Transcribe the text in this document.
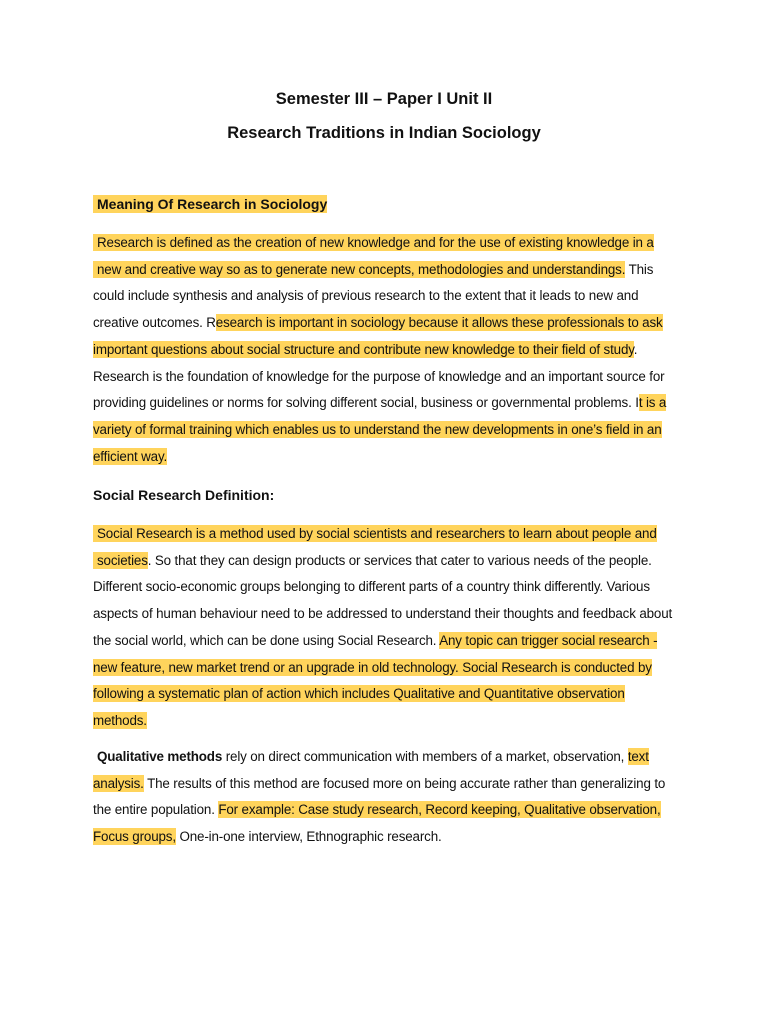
Semester III – Paper I Unit II
Research Traditions in Indian Sociology
Meaning Of Research in Sociology

Research is defined as the creation of new knowledge and for the use of existing knowledge in a new and creative way so as to generate new concepts, methodologies and understandings. This could include synthesis and analysis of previous research to the extent that it leads to new and creative outcomes. Research is important in sociology because it allows these professionals to ask important questions about social structure and contribute new knowledge to their field of study. Research is the foundation of knowledge for the purpose of knowledge and an important source for providing guidelines or norms for solving different social, business or governmental problems. It is a variety of formal training which enables us to understand the new developments in one’s field in an efficient way.

Social Research Definition:

Social Research is a method used by social scientists and researchers to learn about people and societies. So that they can design products or services that cater to various needs of the people. Different socio-economic groups belonging to different parts of a country think differently. Various aspects of human behaviour need to be addressed to understand their thoughts and feedback about the social world, which can be done using Social Research. Any topic can trigger social research - new feature, new market trend or an upgrade in old technology. Social Research is conducted by following a systematic plan of action which includes Qualitative and Quantitative observation methods.

Qualitative methods rely on direct communication with members of a market, observation, text analysis. The results of this method are focused more on being accurate rather than generalizing to the entire population. For example: Case study research, Record keeping, Qualitative observation, Focus groups, One-in-one interview, Ethnographic research.
